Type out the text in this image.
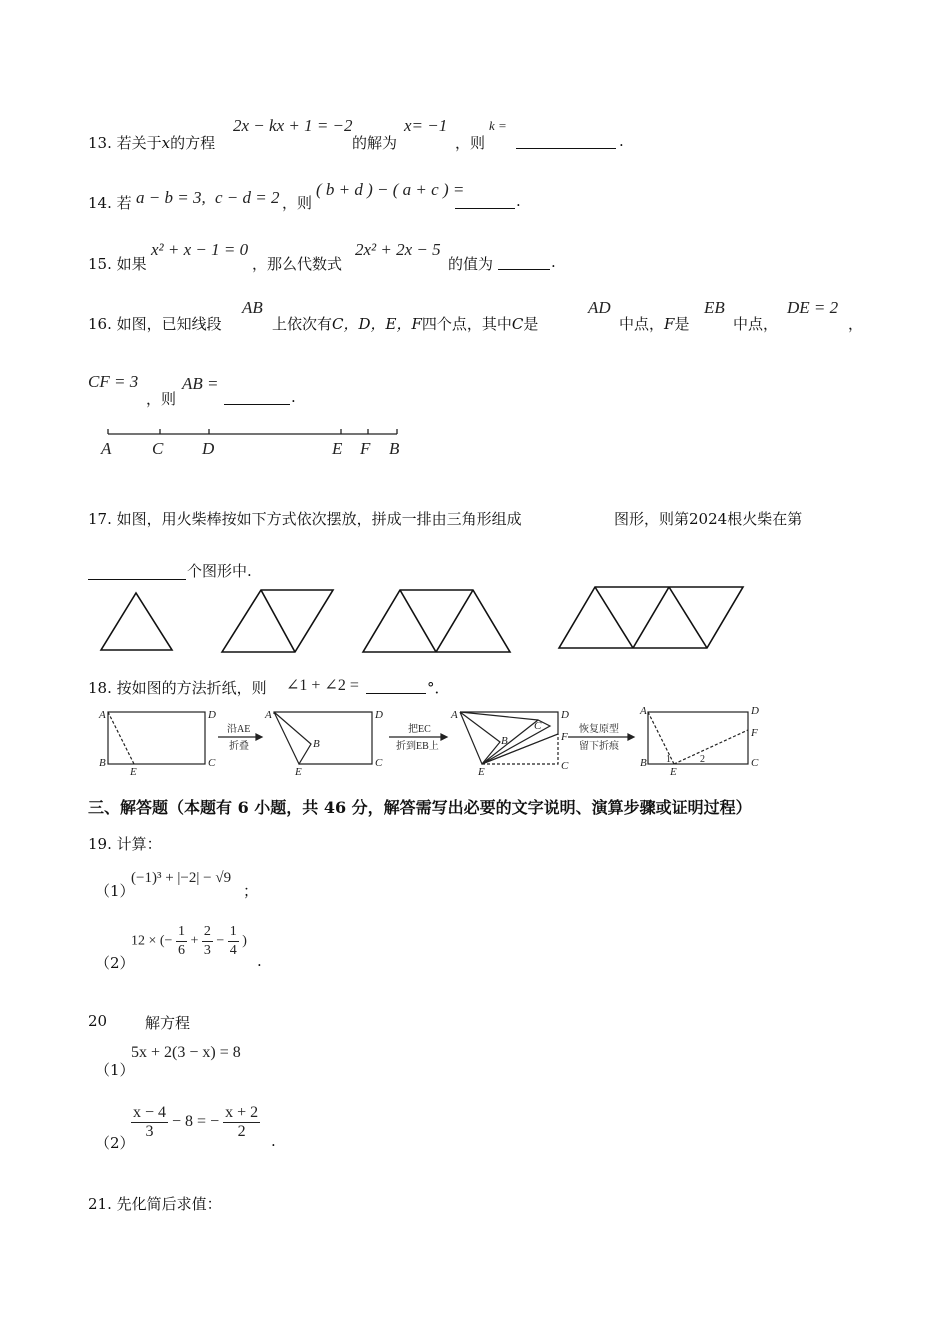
13. 若关于x的方程
2x − kx + 1 = −2
的解为
x= −1
，则
k =
.
14. 若 a − b = 3, c − d = 2 ，则
( b + d ) − ( a + c ) =
.
15. 如果
x² + x − 1 = 0
，那么代数式
2x² + 2x − 5
的值为	.
16. 如图，已知线段
AB
上依次有C，D，E，F四个点，其中C是
AD
中点，F是
EB
中点，
DE = 2
，
CF = 3
，则
AB =
.
A C D	E F B
17. 如图，用火柴棒按如下方式依次摆放，拼成一排由三角形组成	图形，则第2024根火柴在第
个图形中.
18. 按如图的方法折纸，则 ∠1 + ∠2 =	°．
沿AE
折叠
把EC
折到EB上
恢复原型
留下折痕
A	D
B	C
E
A	D
B
C
E
A	D
B
C
F
C
E
A	D
F
B	C
E
1	2
三、解答题（本题有 6 小题，共 46 分，解答需写出必要的文字说明、演算步骤或证明过程）
19. 计算：
（1）
(−1)³ + |−2| − √9
；
（2）
12 × (− $\frac{1}{6} + \frac{2}{3} - \frac{1}{4}$ )
.
20	解方程
（1）
5x + 2(3 − x) = 8
（2）
$\frac{x - 4}{3} - 8$ = − $\frac{x + 2}{2}$ .
21. 先化简后求值：
